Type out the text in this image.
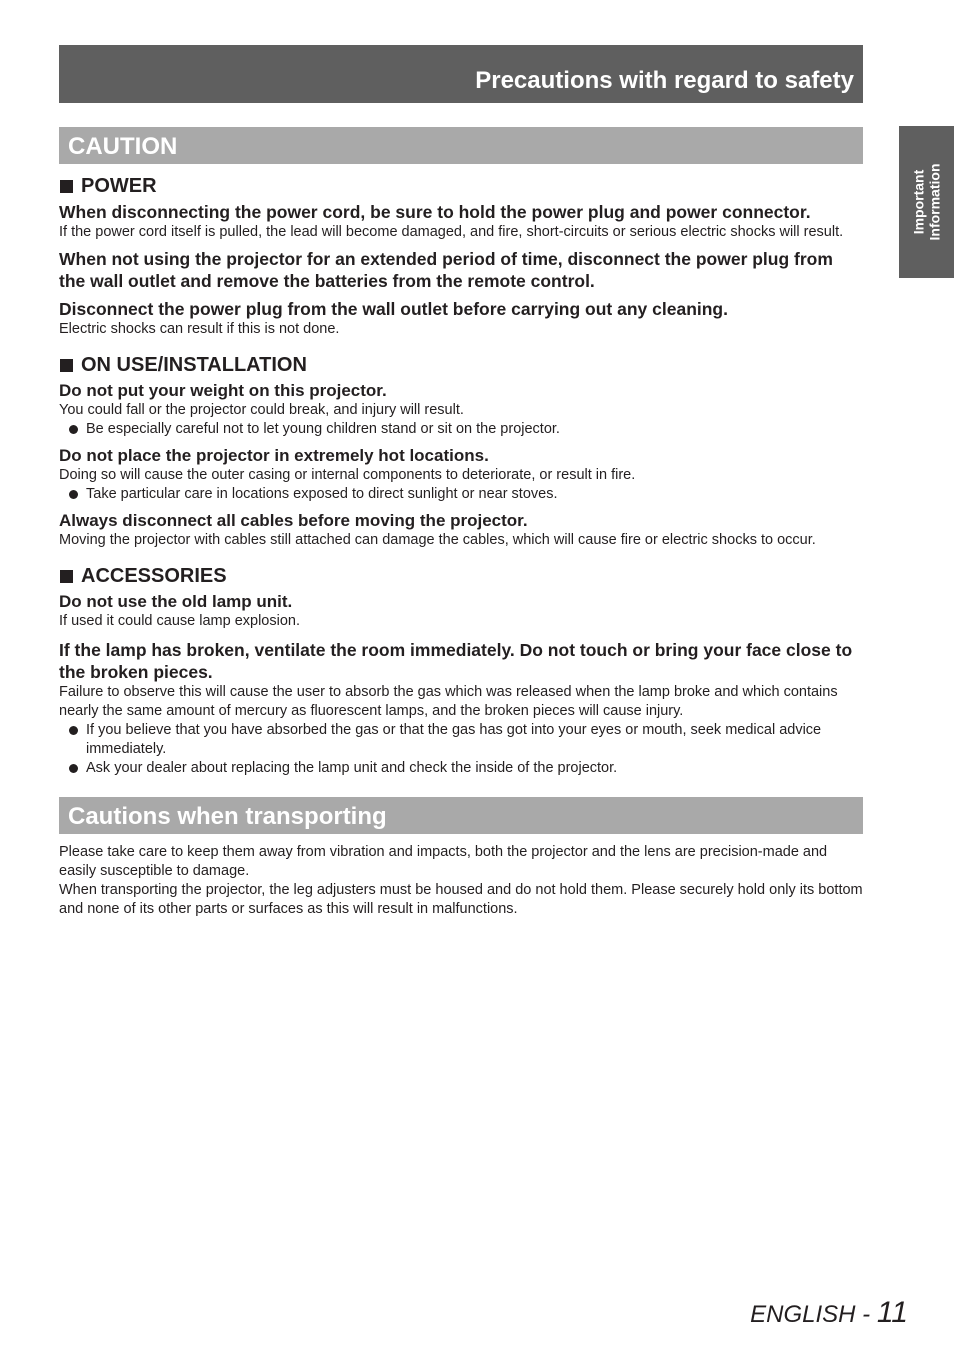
Precautions with regard to safety
Important Information
CAUTION
POWER

When disconnecting the power cord, be sure to hold the power plug and power connector.

If the power cord itself is pulled, the lead will become damaged, and fire, short-circuits or serious electric shocks will result.

When not using the projector for an extended period of time, disconnect the power plug from the wall outlet and remove the batteries from the remote control.

Disconnect the power plug from the wall outlet before carrying out any cleaning.

Electric shocks can result if this is not done.

ON USE/INSTALLATION

Do not put your weight on this projector.

You could fall or the projector could break, and injury will result.

Be especially careful not to let young children stand or sit on the projector.

Do not place the projector in extremely hot locations.

Doing so will cause the outer casing or internal components to deteriorate, or result in fire.

Take particular care in locations exposed to direct sunlight or near stoves.

Always disconnect all cables before moving the projector.

Moving the projector with cables still attached can damage the cables, which will cause fire or electric shocks to occur.

ACCESSORIES

Do not use the old lamp unit.

If used it could cause lamp explosion.

If the lamp has broken, ventilate the room immediately. Do not touch or bring your face close to the broken pieces.

Failure to observe this will cause the user to absorb the gas which was released when the lamp broke and which contains nearly the same amount of mercury as fluorescent lamps, and the broken pieces will cause injury.

If you believe that you have absorbed the gas or that the gas has got into your eyes or mouth, seek medical advice immediately.

Ask your dealer about replacing the lamp unit and check the inside of the projector.

Cautions when transporting

Please take care to keep them away from vibration and impacts, both the projector and the lens are precision-made and easily susceptible to damage.

When transporting the projector, the leg adjusters must be housed and do not hold them. Please securely hold only its bottom and none of its other parts or surfaces as this will result in malfunctions.

ENGLISH - 11
